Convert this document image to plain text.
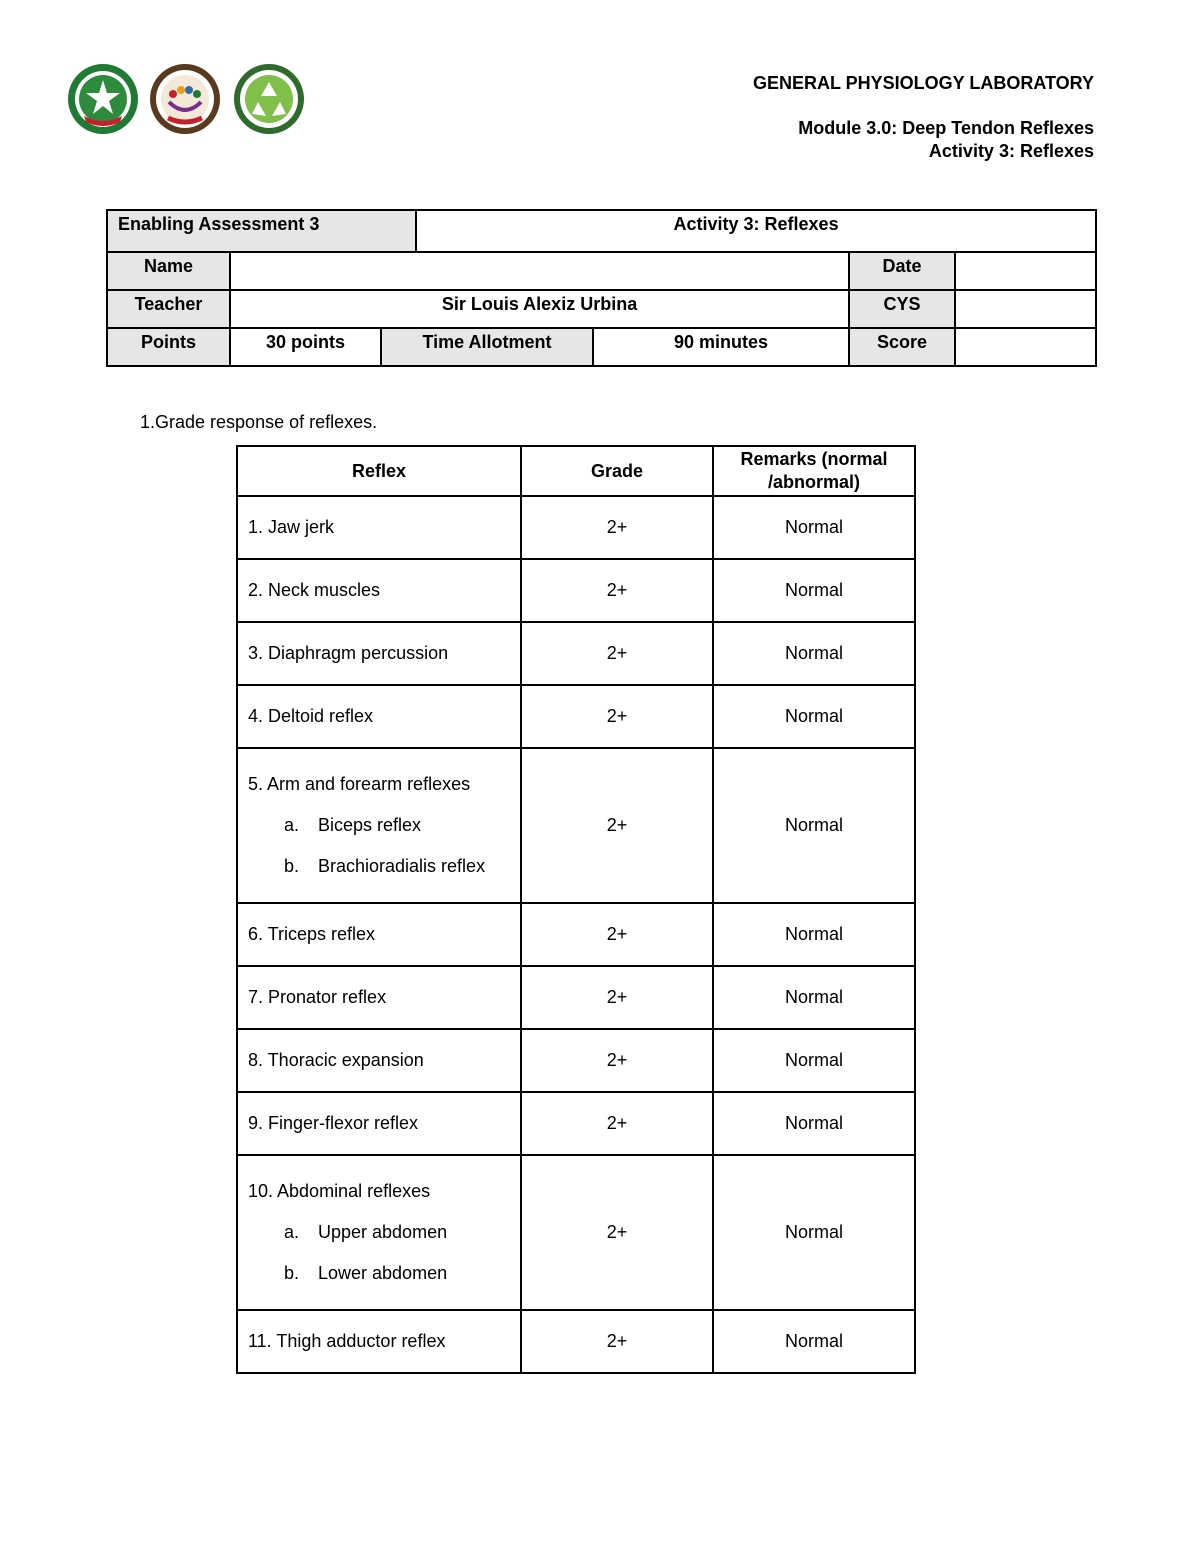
GENERAL PHYSIOLOGY LABORATORY
Module 3.0: Deep Tendon Reflexes
Activity 3: Reflexes
Enabling Assessment 3			Activity 3: Reflexes			

Name					Date	

Teacher	Sir Louis Alexiz Urbina				CYS	

Points	30 points	Time Allotment		90 minutes	Score	

1.Grade response of reflexes.
Reflex	Grade	Remarks (normal /abnormal)
1. Jaw jerk	2+	Normal
2. Neck muscles	2+	Normal
3. Diaphragm percussion	2+	Normal
4. Deltoid reflex	2+	Normal
5. Arm and forearm reflexes
a. Biceps reflex
b. Brachioradialis reflex	2+	Normal
6. Triceps reflex	2+	Normal
7. Pronator reflex	2+	Normal
8. Thoracic expansion	2+	Normal
9. Finger-flexor reflex	2+	Normal
10. Abdominal reflexes
a. Upper abdomen
b. Lower abdomen	2+	Normal
11. Thigh adductor reflex	2+	Normal
